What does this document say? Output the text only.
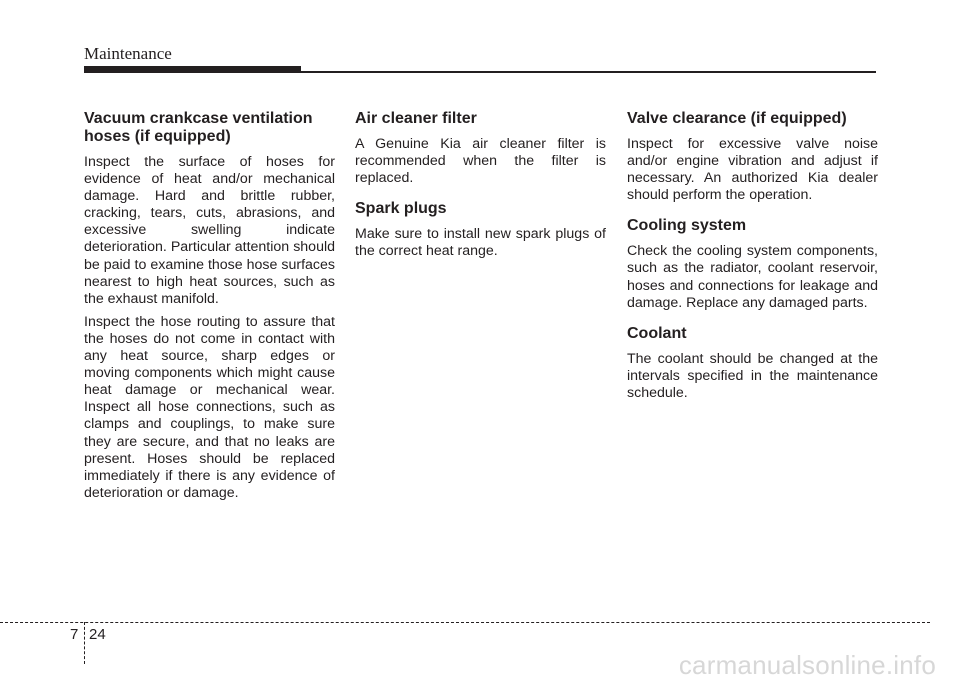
Maintenance
Vacuum crankcase ventilation hoses (if equipped)

Inspect the surface of hoses for evidence of heat and/or mechanical damage. Hard and brittle rubber, cracking, tears, cuts, abrasions, and excessive swelling indicate deterioration. Particular attention should be paid to examine those hose surfaces nearest to high heat sources, such as the exhaust manifold.

Inspect the hose routing to assure that the hoses do not come in contact with any heat source, sharp edges or moving components which might cause heat damage or mechanical wear. Inspect all hose connections, such as clamps and couplings, to make sure they are secure, and that no leaks are present. Hoses should be replaced immediately if there is any evidence of deterioration or damage.

Air cleaner filter

A Genuine Kia air cleaner filter is recommended when the filter is replaced.

Spark plugs

Make sure to install new spark plugs of the correct heat range.

Valve clearance (if equipped)

Inspect for excessive valve noise and/or engine vibration and adjust if necessary. An authorized Kia dealer should perform the operation.

Cooling system

Check the cooling system components, such as the radiator, coolant reservoir, hoses and connections for leakage and damage. Replace any damaged parts.

Coolant

The coolant should be changed at the intervals specified in the maintenance schedule.

7 24
carmanualsonline.info
